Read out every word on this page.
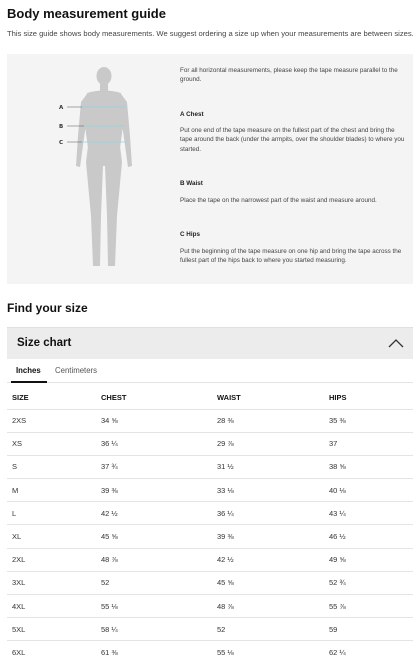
Body measurement guide
This size guide shows body measurements. We suggest ordering a size up when your measurements are between sizes.
A
B
C

For all horizontal measurements, please keep the tape measure parallel to the ground.

A Chest

Put one end of the tape measure on the fullest part of the chest and bring the tape around the back (under the armpits, over the shoulder blades) to where you started.

B Waist

Place the tape on the narrowest part of the waist and measure around.

C Hips

Put the beginning of the tape measure on one hip and bring the tape across the fullest part of the hips back to where you started measuring.

Find your size
Size chart
Inches Centimeters
SIZE	CHEST	WAIST	HIPS
2XS	34 ⅝	28 ⅜	35 ⅜
XS	36 ¼	29 ⅞	37
S	37 ¾	31 ½	38 ⅝
M	39 ⅜	33 ⅛	40 ⅛
L	42 ½	36 ¼	43 ¼
XL	45 ⅝	39 ⅜	46 ½
2XL	48 ⅞	42 ½	49 ⅝
3XL	52	45 ⅝	52 ¾
4XL	55 ⅛	48 ⅞	55 ⅞
5XL	58 ¼	52	59
6XL	61 ⅜	55 ⅛	62 ¼
